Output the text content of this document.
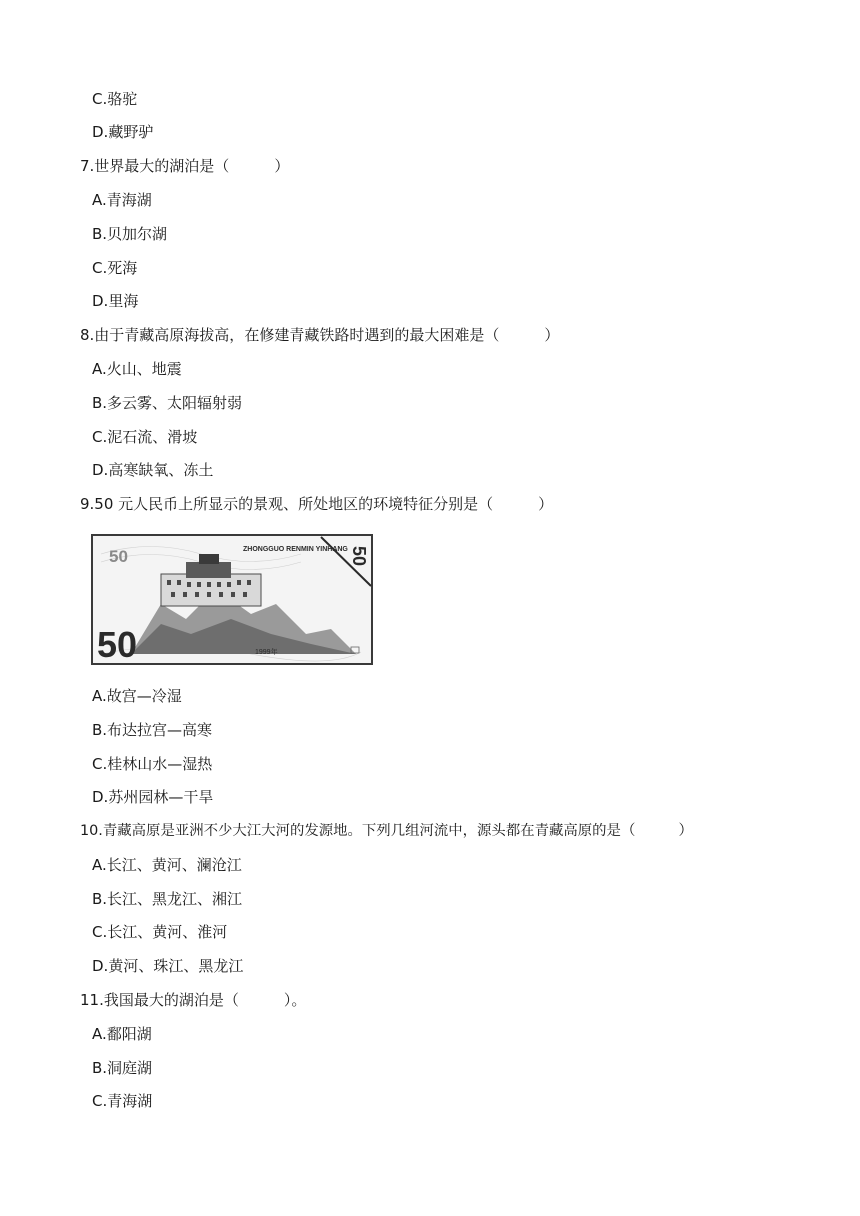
C.骆驼
D.藏野驴
7.世界最大的湖泊是（　　　）
A.青海湖
B.贝加尔湖
C.死海
D.里海
8.由于青藏高原海拔高，在修建青藏铁路时遇到的最大困难是（　　　）
A.火山、地震
B.多云雾、太阳辐射弱
C.泥石流、滑坡
D.高寒缺氧、冻土
9.50 元人民币上所显示的景观、所处地区的环境特征分别是（　　　）
50
50
ZHONGGUO RENMIN YINHANG 50
1999年
A.故宫—冷湿
B.布达拉宫—高寒
C.桂林山水—湿热
D.苏州园林—干旱
10.青藏高原是亚洲不少大江大河的发源地。下列几组河流中，源头都在青藏高原的是（　　　）
A.长江、黄河、澜沧江
B.长江、黑龙江、湘江
C.长江、黄河、淮河
D.黄河、珠江、黑龙江
11.我国最大的湖泊是（　　　）。
A.鄱阳湖
B.洞庭湖
C.青海湖
